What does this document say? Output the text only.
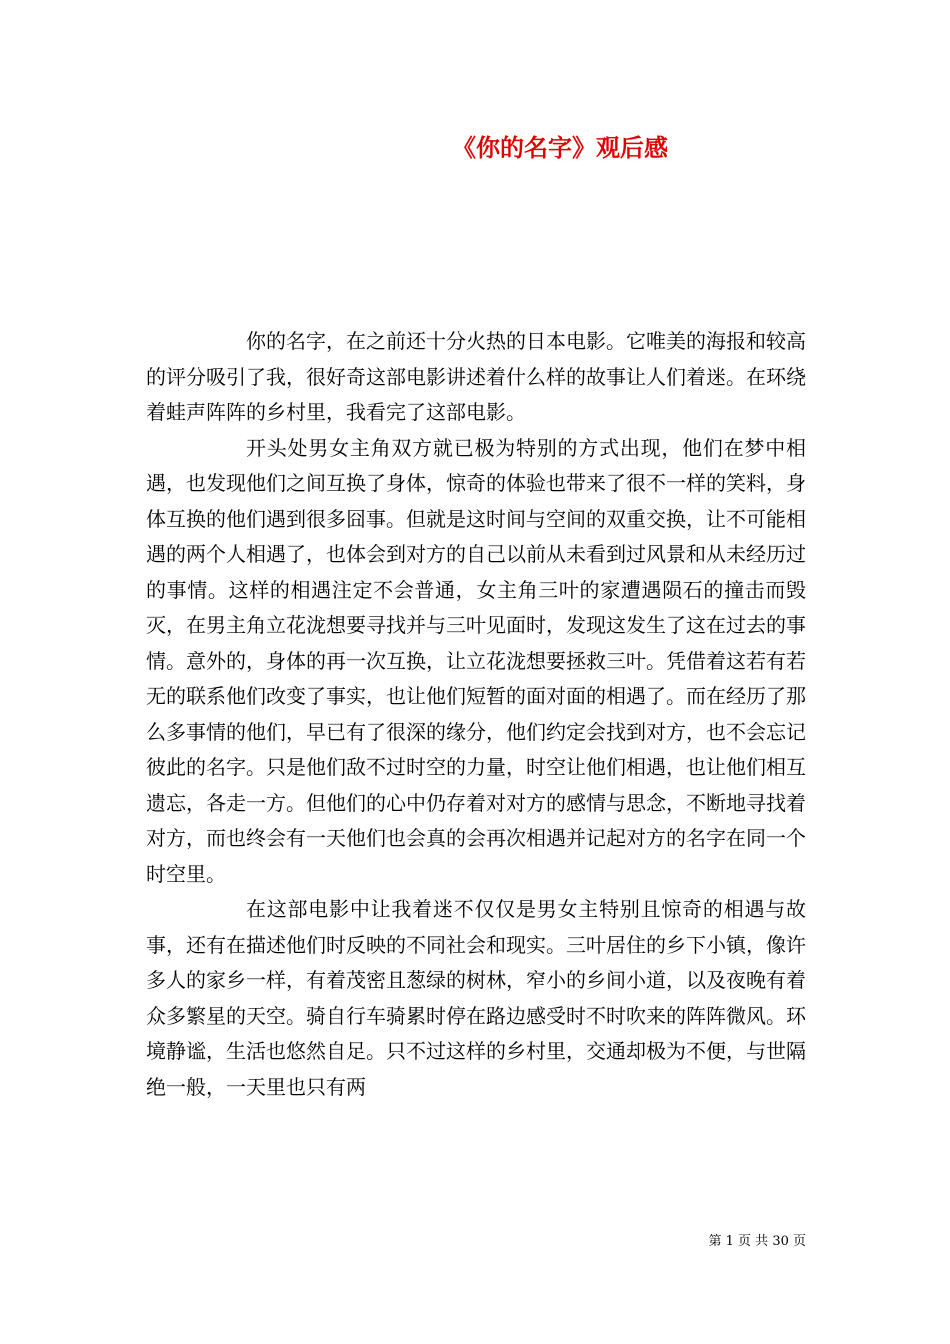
《你的名字》观后感

你的名字，在之前还十分火热的日本电影。它唯美的海报和较高的评分吸引了我，很好奇这部电影讲述着什么样的故事让人们着迷。在环绕着蛙声阵阵的乡村里，我看完了这部电影。

开头处男女主角双方就已极为特别的方式出现，他们在梦中相遇，也发现他们之间互换了身体，惊奇的体验也带来了很不一样的笑料，身体互换的他们遇到很多囧事。但就是这时间与空间的双重交换，让不可能相遇的两个人相遇了，也体会到对方的自己以前从未看到过风景和从未经历过的事情。这样的相遇注定不会普通，女主角三叶的家遭遇陨石的撞击而毁灭，在男主角立花泷想要寻找并与三叶见面时，发现这发生了这在过去的事情。意外的，身体的再一次互换，让立花泷想要拯救三叶。凭借着这若有若无的联系他们改变了事实，也让他们短暂的面对面的相遇了。而在经历了那么多事情的他们，早已有了很深的缘分，他们约定会找到对方，也不会忘记彼此的名字。只是他们敌不过时空的力量，时空让他们相遇，也让他们相互遗忘，各走一方。但他们的心中仍存着对对方的感情与思念，不断地寻找着对方，而也终会有一天他们也会真的会再次相遇并记起对方的名字在同一个时空里。

在这部电影中让我着迷不仅仅是男女主特别且惊奇的相遇与故事，还有在描述他们时反映的不同社会和现实。三叶居住的乡下小镇，像许多人的家乡一样，有着茂密且葱绿的树林，窄小的乡间小道，以及夜晚有着众多繁星的天空。骑自行车骑累时停在路边感受时不时吹来的阵阵微风。环境静谧，生活也悠然自足。只不过这样的乡村里，交通却极为不便，与世隔绝一般，一天里也只有两

第 1 页 共 30 页
